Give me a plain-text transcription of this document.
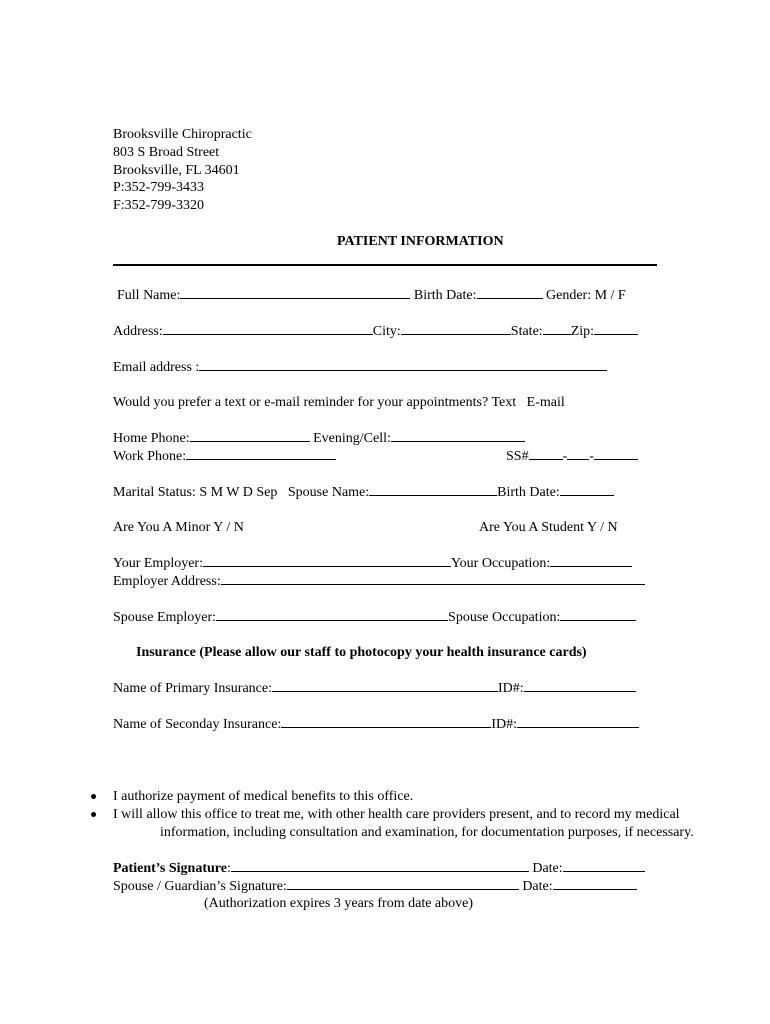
Brooksville Chiropractic
803 S Broad Street
Brooksville, FL 34601
P:352-799-3433
F:352-799-3320
PATIENT INFORMATION
Full Name:	Birth Date:	Gender: M / F
Address:	City:	State: Zip:
Email address :
Would you prefer a text or e-mail reminder for your appointments? Text E-mail
Home Phone:	Evening/Cell:
Work Phone:	SS# - -
Marital Status: S M W D Sep Spouse Name:	Birth Date:
Are You A Minor Y / N	Are You A Student Y / N
Your Employer:	Your Occupation:
Employer Address:
Spouse Employer:	Spouse Occupation:
Insurance (Please allow our staff to photocopy your health insurance cards)
Name of Primary Insurance:	ID#:
Name of Seconday Insurance:	ID#:
I authorize payment of medical benefits to this office.
I will allow this office to treat me, with other health care providers present, and to record my medical
information, including consultation and examination, for documentation purposes, if necessary.
Patient’s Signature:	Date:
Spouse / Guardian’s Signature:	Date:
(Authorization expires 3 years from date above)
